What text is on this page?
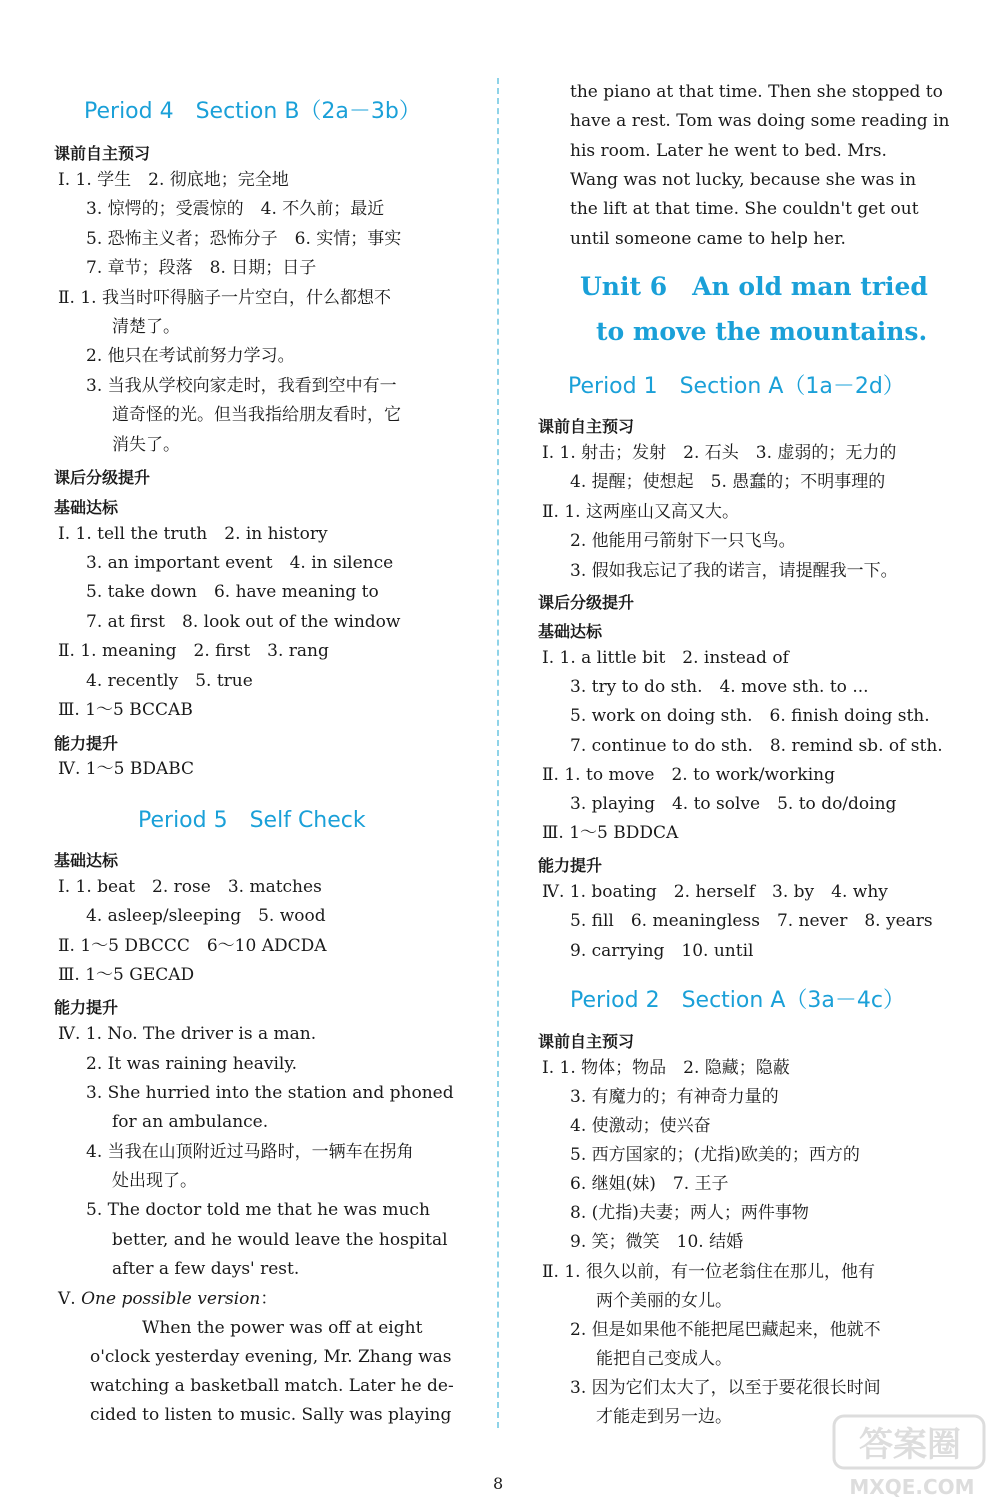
Period 4　Section B（2a－3b）
课前自主预习
Ⅰ. 1. 学生　2. 彻底地；完全地
3. 惊愕的；受震惊的　4. 不久前；最近
5. 恐怖主义者；恐怖分子　6. 实情；事实
7. 章节；段落　8. 日期；日子
Ⅱ. 1. 我当时吓得脑子一片空白，什么都想不
清楚了。
2. 他只在考试前努力学习。
3. 当我从学校向家走时，我看到空中有一
道奇怪的光。但当我指给朋友看时，它
消失了。
课后分级提升
基础达标
Ⅰ. 1. tell the truth　2. in history
3. an important event　4. in silence
5. take down　6. have meaning to
7. at first　8. look out of the window
Ⅱ. 1. meaning　2. first　3. rang
4. recently　5. true
Ⅲ. 1～5 BCCAB
能力提升
Ⅳ. 1～5 BDABC
Period 5　Self Check
基础达标
Ⅰ. 1. beat　2. rose　3. matches
4. asleep/sleeping　5. wood
Ⅱ. 1～5 DBCCC　6～10 ADCDA
Ⅲ. 1～5 GECAD
能力提升
Ⅳ. 1. No. The driver is a man.
2. It was raining heavily.
3. She hurried into the station and phoned
for an ambulance.
4. 当我在山顶附近过马路时，一辆车在拐角
处出现了。
5. The doctor told me that he was much
better, and he would leave the hospital
after a few days' rest.
Ⅴ. One possible version：
When the power was off at eight
o'clock yesterday evening, Mr. Zhang was
watching a basketball match. Later he de-
cided to listen to music. Sally was playing
the piano at that time. Then she stopped to
have a rest. Tom was doing some reading in
his room. Later he went to bed. Mrs.
Wang was not lucky, because she was in
the lift at that time. She couldn't get out
until someone came to help her.
Unit 6　An old man tried
to move the mountains.
Period 1　Section A（1a－2d）
课前自主预习
Ⅰ. 1. 射击；发射　2. 石头　3. 虚弱的；无力的
4. 提醒；使想起　5. 愚蠢的；不明事理的
Ⅱ. 1. 这两座山又高又大。
2. 他能用弓箭射下一只飞鸟。
3. 假如我忘记了我的诺言，请提醒我一下。
课后分级提升
基础达标
Ⅰ. 1. a little bit　2. instead of
3. try to do sth.　4. move sth. to ...
5. work on doing sth.　6. finish doing sth.
7. continue to do sth.　8. remind sb. of sth.
Ⅱ. 1. to move　2. to work/working
3. playing　4. to solve　5. to do/doing
Ⅲ. 1～5 BDDCA
能力提升
Ⅳ. 1. boating　2. herself　3. by　4. why
5. fill　6. meaningless　7. never　8. years
9. carrying　10. until
Period 2　Section A（3a－4c）
课前自主预习
Ⅰ. 1. 物体；物品　2. 隐藏；隐蔽
3. 有魔力的；有神奇力量的
4. 使激动；使兴奋
5. 西方国家的；(尤指)欧美的；西方的
6. 继姐(妹)　7. 王子
8. (尤指)夫妻；两人；两件事物
9. 笑；微笑　10. 结婚
Ⅱ. 1. 很久以前，有一位老翁住在那儿，他有
两个美丽的女儿。
2. 但是如果他不能把尾巴藏起来，他就不
能把自己变成人。
3. 因为它们太大了，以至于要花很长时间
才能走到另一边。
8
答案圈
MXQE.COM
